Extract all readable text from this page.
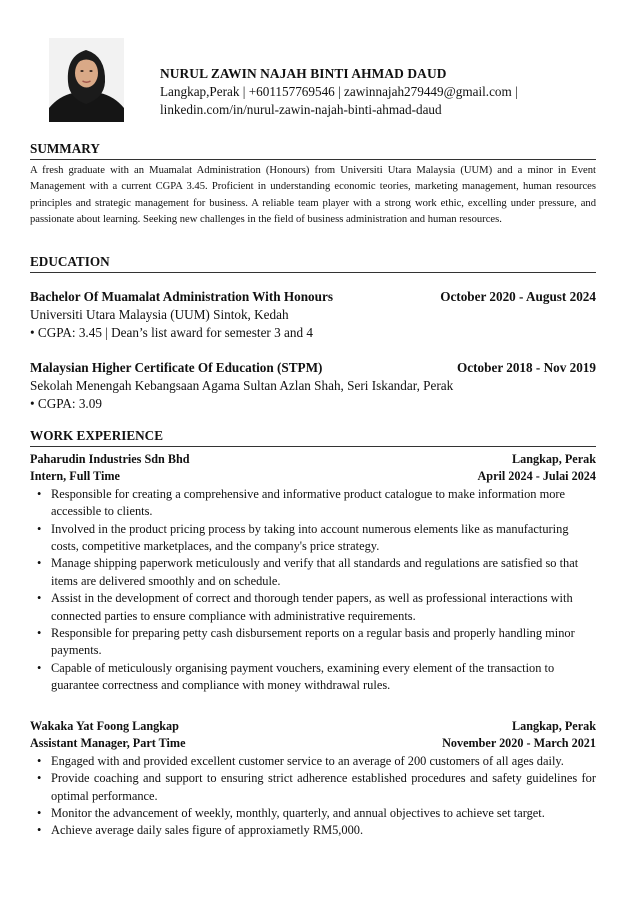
NURUL ZAWIN NAJAH BINTI AHMAD DAUD
Langkap,Perak | +601157769546 | zawinnajah279449@gmail.com |
linkedin.com/in/nurul-zawin-najah-binti-ahmad-daud
SUMMARY
A fresh graduate with an Muamalat Administration (Honours) from Universiti Utara Malaysia (UUM) and a minor in Event Management with a current CGPA 3.45. Proficient in understanding economic teories, marketing management, human resources principles and strategic management for business. A reliable team player with a strong work ethic, excelling under pressure, and passionate about learning. Seeking new challenges in the field of business administration and human resources.
EDUCATION
Bachelor Of Muamalat Administration With Honours	October 2020 - August 2024
Universiti Utara Malaysia (UUM) Sintok, Kedah
• CGPA: 3.45 | Dean’s list award for semester 3 and 4
Malaysian Higher Certificate Of Education (STPM)	October 2018 - Nov 2019
Sekolah Menengah Kebangsaan Agama Sultan Azlan Shah, Seri Iskandar, Perak
• CGPA: 3.09
WORK EXPERIENCE
Paharudin Industries Sdn Bhd	Langkap, Perak
Intern, Full Time	April 2024 - Julai 2024
• Responsible for creating a comprehensive and informative product catalogue to make information more accessible to clients.
• Involved in the product pricing process by taking into account numerous elements like as manufacturing costs, competitive marketplaces, and the company's price strategy.
• Manage shipping paperwork meticulously and verify that all standards and regulations are satisfied so that items are delivered smoothly and on schedule.
• Assist in the development of correct and thorough tender papers, as well as professional interactions with connected parties to ensure compliance with administrative requirements.
• Responsible for preparing petty cash disbursement reports on a regular basis and properly handling minor payments.
• Capable of meticulously organising payment vouchers, examining every element of the transaction to guarantee correctness and compliance with money withdrawal rules.
Wakaka Yat Foong Langkap	Langkap, Perak
Assistant Manager, Part Time	November 2020 - March 2021
• Engaged with and provided excellent customer service to an average of 200 customers of all ages daily.
• Provide coaching and support to ensuring strict adherence established procedures and safety guidelines for optimal performance.
• Monitor the advancement of weekly, monthly, quarterly, and annual objectives to achieve set target.
• Achieve average daily sales figure of approxiametly RM5,000.
